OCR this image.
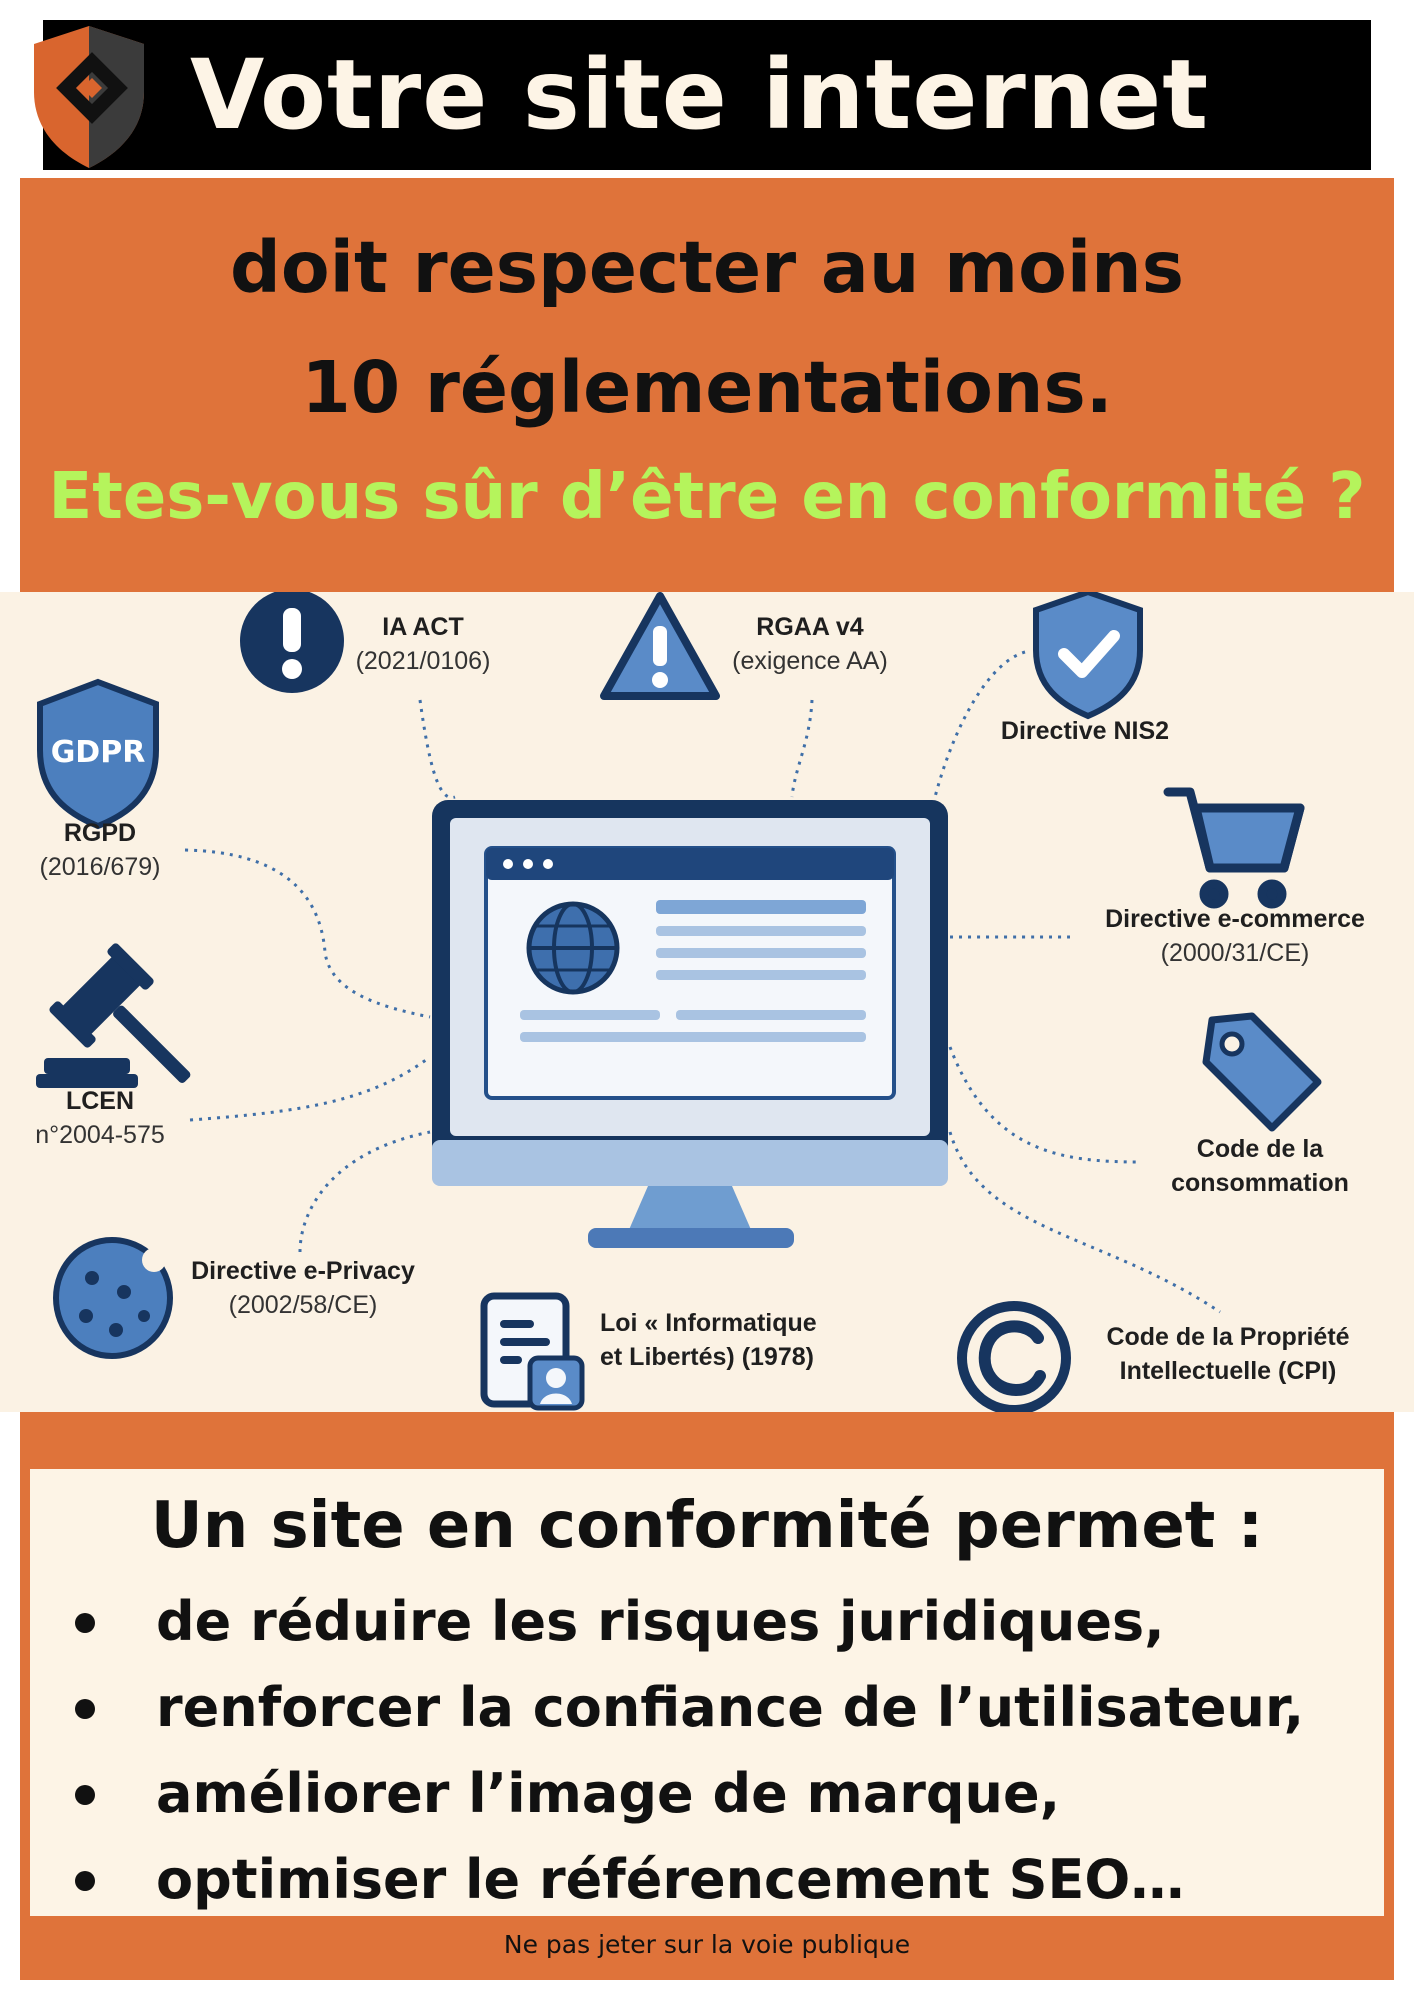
Votre site internet
doit respecter au moins
10 réglementations.
Etes-vous sûr d’être en conformité ?
GDPR
IA ACT
(2021/0106)
RGAA v4
(exigence AA)
Directive NIS2
RGPD
(2016/679)
Directive e-commerce
(2000/31/CE)
LCEN
n°2004-575	Code de la
consommation
Directive e-Privacy
(2002/58/CE)
Loi « Informatique
et Libertés) (1978)
Code de la Propriété
Intellectuelle (CPI)
Un site en conformité permet :
de réduire les risques juridiques,
renforcer la confiance de l’utilisateur,
améliorer l’image de marque,
optimiser le référencement SEO…
Ne pas jeter sur la voie publique
